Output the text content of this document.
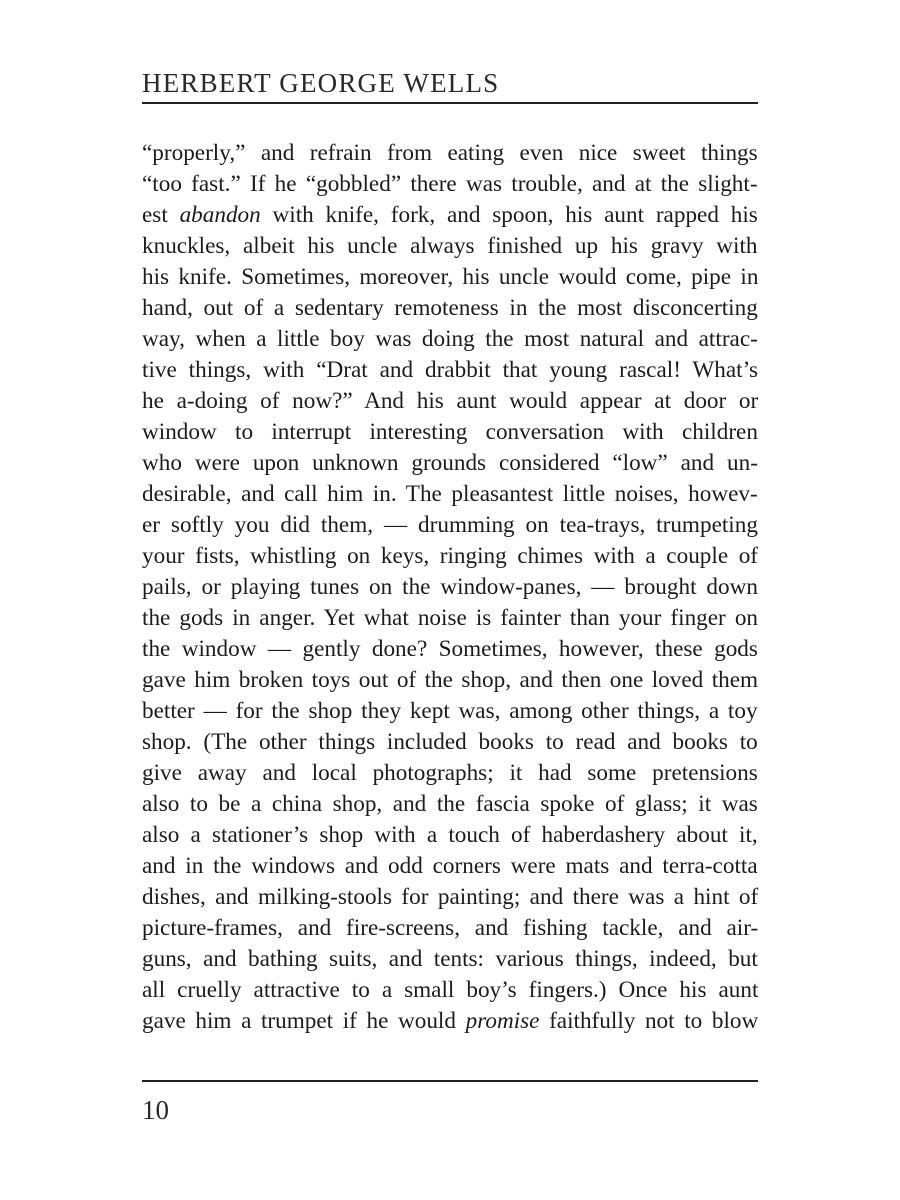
HERBERT GEORGE WELLS
“properly,” and refrain from eating even nice sweet things
“too fast.” If he “gobbled” there was trouble, and at the slight-
est abandon with knife, fork, and spoon, his aunt rapped his
knuckles, albeit his uncle always finished up his gravy with
his knife. Sometimes, moreover, his uncle would come, pipe in
hand, out of a sedentary remoteness in the most disconcerting
way, when a little boy was doing the most natural and attrac-
tive things, with “Drat and drabbit that young rascal! What’s
he a-doing of now?” And his aunt would appear at door or
window to interrupt interesting conversation with children
who were upon unknown grounds considered “low” and un-
desirable, and call him in. The pleasantest little noises, howev-
er softly you did them, — drumming on tea-trays, trumpeting
your fists, whistling on keys, ringing chimes with a couple of
pails, or playing tunes on the window-panes, — brought down
the gods in anger. Yet what noise is fainter than your finger on
the window — gently done? Sometimes, however, these gods
gave him broken toys out of the shop, and then one loved them
better — for the shop they kept was, among other things, a toy
shop. (The other things included books to read and books to
give away and local photographs; it had some pretensions
also to be a china shop, and the fascia spoke of glass; it was
also a stationer’s shop with a touch of haberdashery about it,
and in the windows and odd corners were mats and terra-cotta
dishes, and milking-stools for painting; and there was a hint of
picture-frames, and fire-screens, and fishing tackle, and air-
guns, and bathing suits, and tents: various things, indeed, but
all cruelly attractive to a small boy’s fingers.) Once his aunt
gave him a trumpet if he would promise faithfully not to blow
10
